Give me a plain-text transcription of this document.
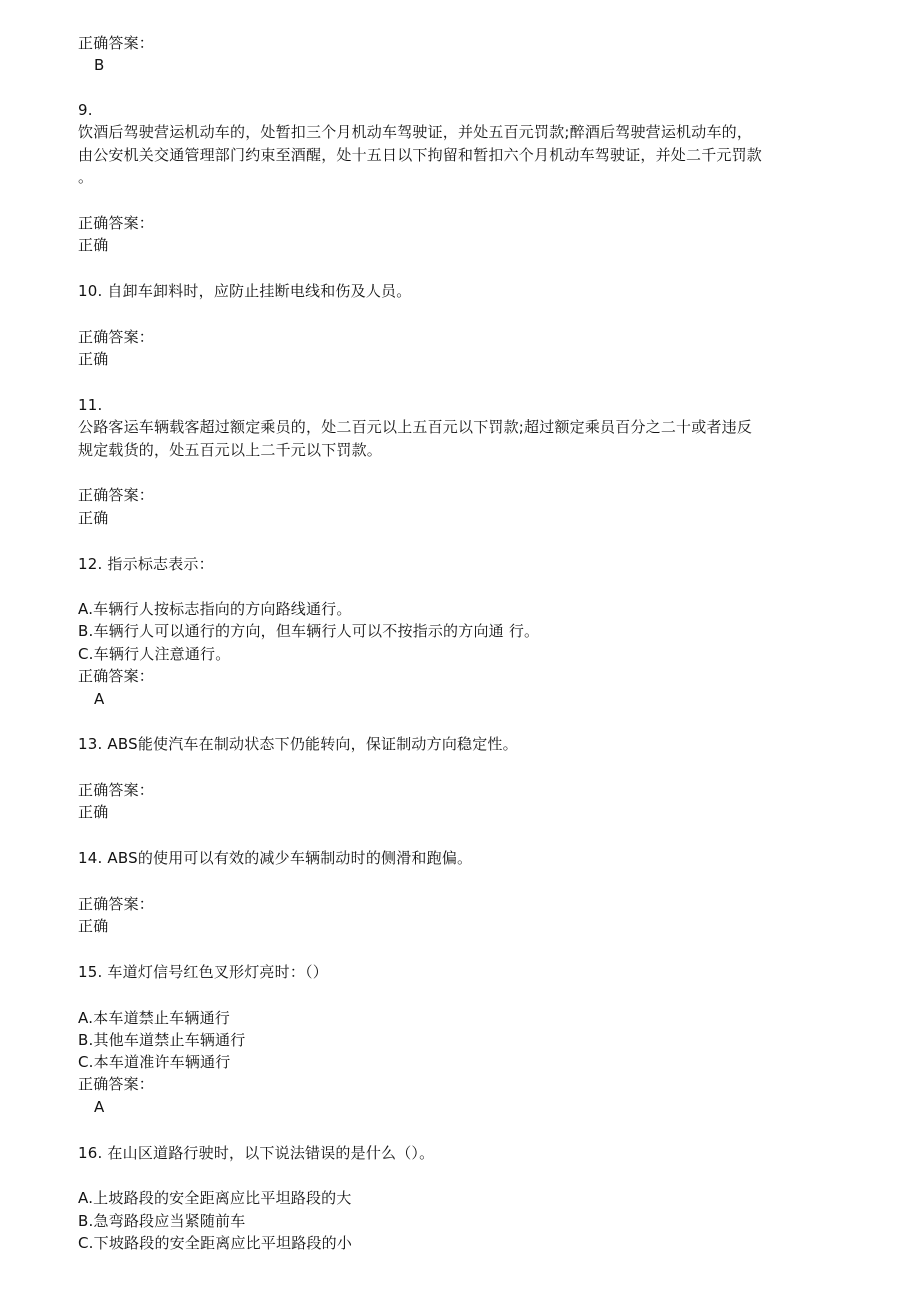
正确答案：
B
9.
饮酒后驾驶营运机动车的，处暂扣三个月机动车驾驶证，并处五百元罚款;醉酒后驾驶营运机动车的，
由公安机关交通管理部门约束至酒醒，处十五日以下拘留和暂扣六个月机动车驾驶证，并处二千元罚款
。
正确答案：
正确
10. 自卸车卸料时，应防止挂断电线和伤及人员。
正确答案：
正确
11.
公路客运车辆载客超过额定乘员的，处二百元以上五百元以下罚款;超过额定乘员百分之二十或者违反
规定载货的，处五百元以上二千元以下罚款。
正确答案：
正确
12. 指示标志表示：
A.车辆行人按标志指向的方向路线通行。
B.车辆行人可以通行的方向，但车辆行人可以不按指示的方向通 行。
C.车辆行人注意通行。
正确答案：
A
13. ABS能使汽车在制动状态下仍能转向，保证制动方向稳定性。
正确答案：
正确
14. ABS的使用可以有效的减少车辆制动时的侧滑和跑偏。
正确答案：
正确
15. 车道灯信号红色叉形灯亮时：（）
A.本车道禁止车辆通行
B.其他车道禁止车辆通行
C.本车道准许车辆通行
正确答案：
A
16. 在山区道路行驶时，以下说法错误的是什么（）。
A.上坡路段的安全距离应比平坦路段的大
B.急弯路段应当紧随前车
C.下坡路段的安全距离应比平坦路段的小
